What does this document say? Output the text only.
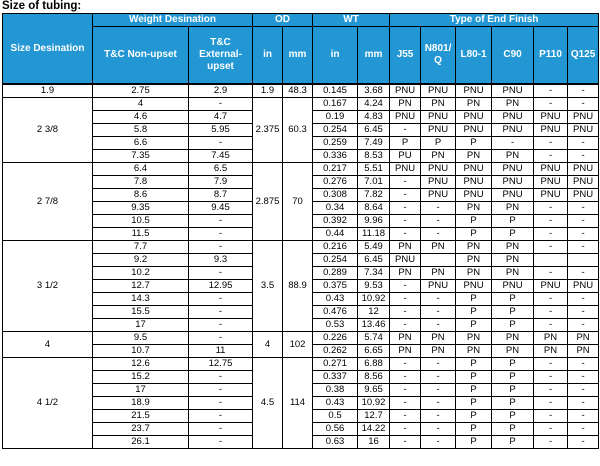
Size of tubing:
Size Desination	Weight Desination		OD		WT		Type of End Finish					
	T&C Non-upset	T&C External-upset	in	mm	in	mm	J55	N801/ Q	L80-1	C90	P110	Q125
1.9	2.75	2.9	1.9	48.3	0.145	3.68	PNU	PNU	PNU	PNU	-	-
2 3/8	4	-	2.375	60.3	0.167	4.24	PN	PN	PN	PN	-	-
	4.6	4.7			0.19	4.83	PNU	PNU	PNU	PNU	PNU	PNU
	5.8	5.95			0.254	6.45	-	PNU	PNU	PNU	PNU	PNU
	6.6	-			0.259	7.49	P	P	P	-	-	-
	7.35	7.45			0.336	8.53	PU	PN	PN	PN	-	-
2 7/8	6.4	6.5	2.875	70	0.217	5.51	PNU	PNU	PNU	PNU	PNU	PNU
	7.8	7.9			0.276	7.01	-	PNU	PNU	PNU	PNU	PNU
	8.6	8.7			0.308	7.82	-	PNU	PNU	PNU	PNU	PNU
	9.35	9.45			0.34	8.64	-	-	PN	PN	-	-
	10.5	-			0.392	9.96	-	-	P	P	-	-
	11.5	-			0.44	11.18	-	-	P	P	-	-
3 1/2	7.7	-	3.5	88.9	0.216	5.49	PN	PN	PN	PN	-	-
	9.2	9.3			0.254	6.45	PNU		PN	PN		
	10.2	-			0.289	7.34	PN	PN	PN	PN	-	-
	12.7	12.95			0.375	9.53	-	PNU	PNU	PNU	PNU	PNU
	14.3	-			0.43	10.92	-	-	P	P	-	-
	15.5	-			0.476	12	-	-	P	P	-	-
	17	-			0.53	13.46	-	-	P	P	-	-
4	9.5	-	4	102	0.226	5.74	PN	PN	PN	PN	PN	PN
	10.7	11			0.262	6.65	PN	PN	PN	PN	PN	PN
4 1/2	12.6	12.75	4.5	114	0.271	6.88	-	-	P	P	-	-
	15.2	-			0.337	8.56	-	-	P	P	-	-
	17	-			0.38	9.65	-	-	P	P	-	-
	18.9	-			0.43	10.92	-	-	P	P	-	-
	21.5	-			0.5	12.7	-	-	P	P	-	-
	23.7	-			0.56	14.22	-	-	P	P	-	-
	26.1	-			0.63	16	-	-	P	P	-	-
